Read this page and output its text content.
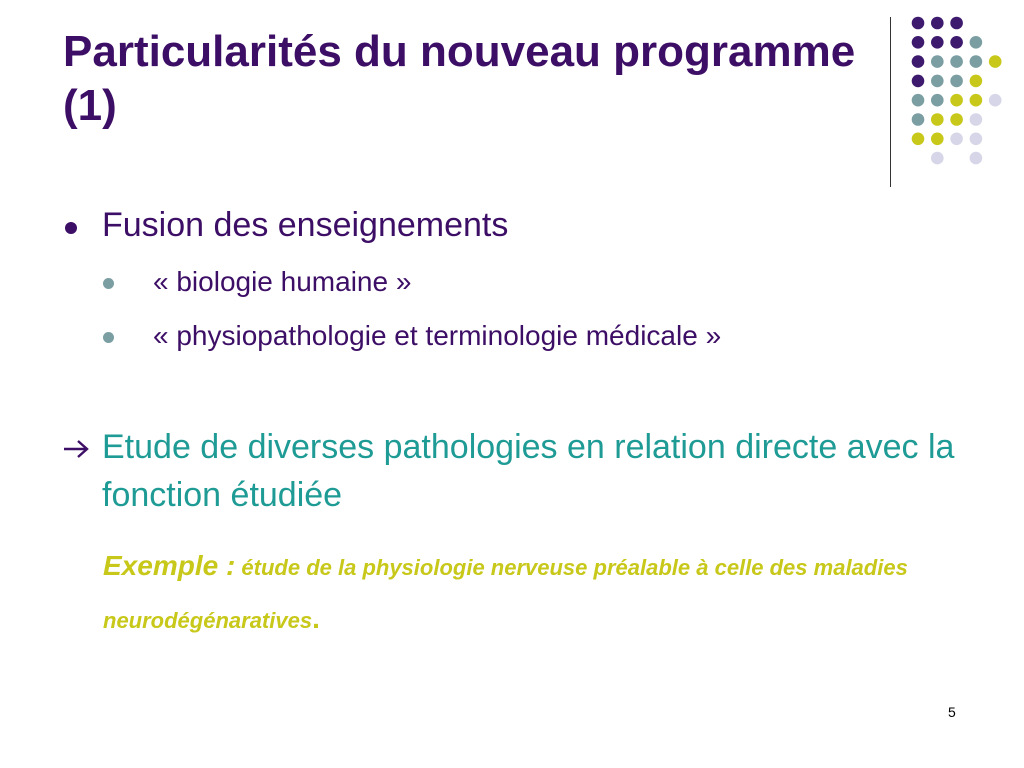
Particularités du nouveau programme (1)
Fusion des enseignements
« biologie humaine »
« physiopathologie et terminologie médicale »
Etude de diverses pathologies en relation directe avec la fonction étudiée
Exemple : étude de la physiologie nerveuse préalable à celle des maladies neurodégénaratives.
5
